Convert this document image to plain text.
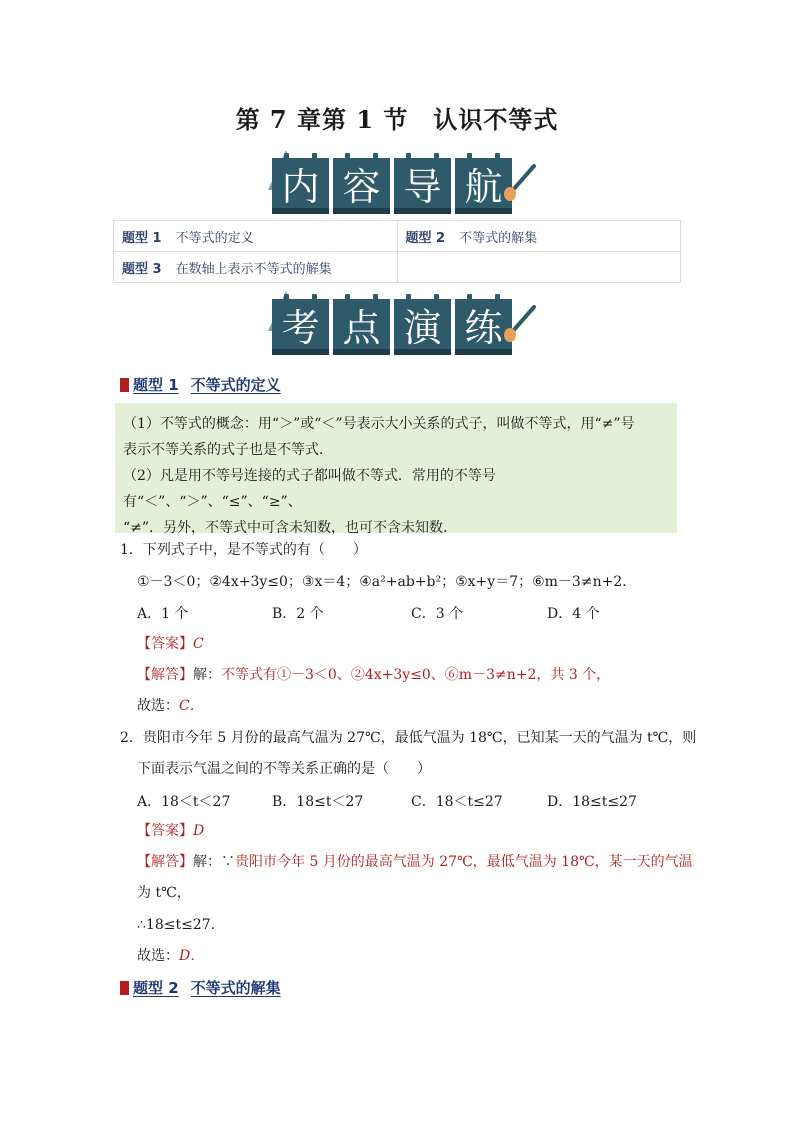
第 7 章第 1 节　认识不等式
内 容 导 航
题型 1 不等式的定义	题型 2 不等式的解集
题型 3 在数轴上表示不等式的解集	
考 点 演 练
题型 1 不等式的定义

（1）不等式的概念：用“＞”或“＜”号表示大小关系的式子，叫做不等式，用“≠”号

表示不等关系的式子也是不等式．

（2）凡是用不等号连接的式子都叫做不等式．常用的不等号有“＜”、“＞”、“≤”、“≥”、

“≠”．另外，不等式中可含未知数，也可不含未知数．

1．下列式子中，是不等式的有（　　）
①－3＜0；②4x+3y≤0；③x＝4；④a²+ab+b²；⑤x+y＝7；⑥m－3≠n+2．
A．1 个	B．2 个	C．3 个	D．4 个
【答案】C
【解答】解：不等式有①－3＜0、②4x+3y≤0、⑥m－3≠n+2，共 3 个，
故选：C．
2．贵阳市今年 5 月份的最高气温为 27℃，最低气温为 18℃，已知某一天的气温为 t℃，则
下面表示气温之间的不等关系正确的是（　　）
A．18＜t＜27	B．18≤t＜27	C．18＜t≤27	D．18≤t≤27
【答案】D
【解答】解：∵贵阳市今年 5 月份的最高气温为 27℃，最低气温为 18℃，某一天的气温
为 t℃，
∴18≤t≤27．
故选：D．
题型 2 不等式的解集
